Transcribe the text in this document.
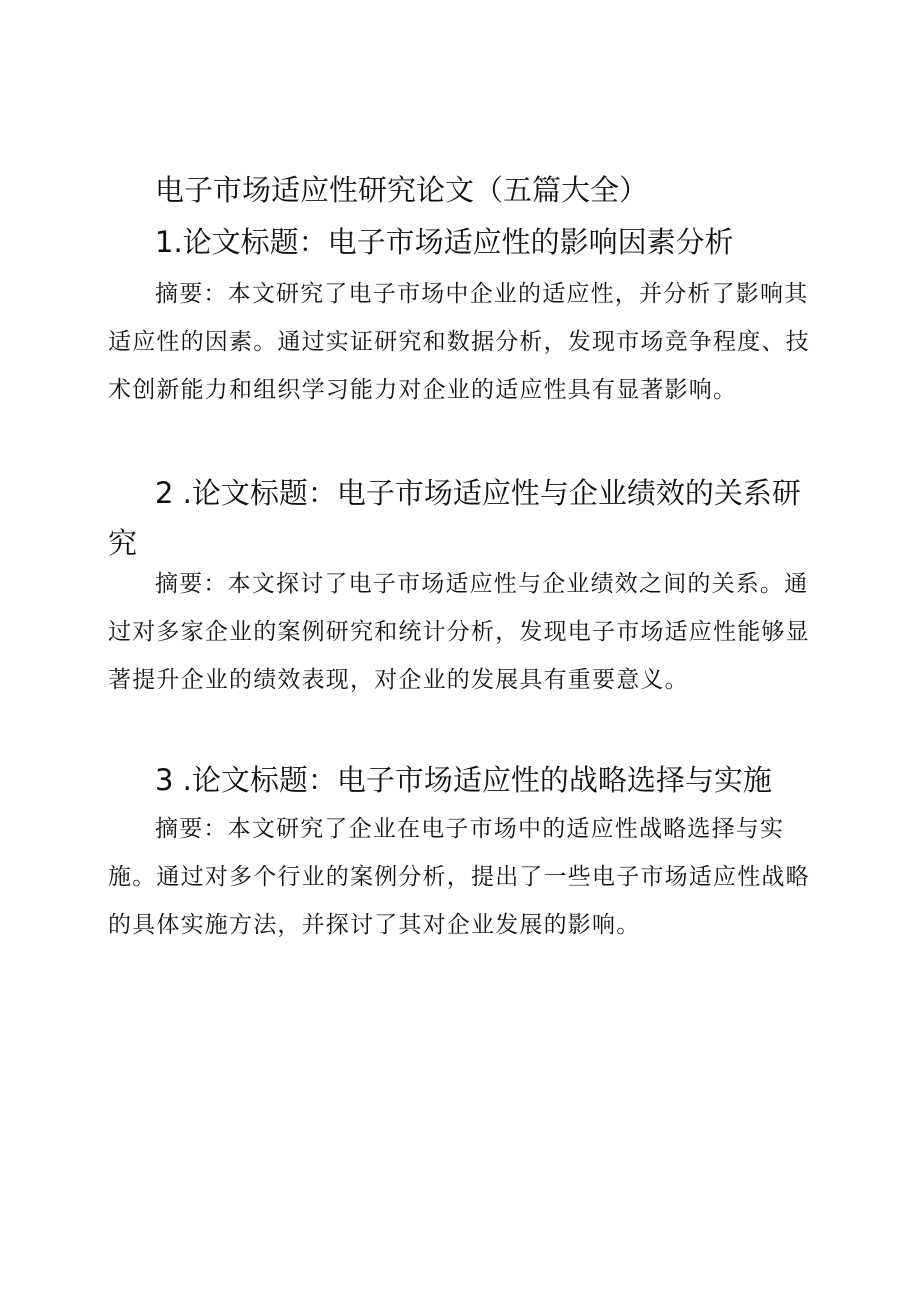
电子市场适应性研究论文（五篇大全）
1.论文标题：电子市场适应性的影响因素分析

摘要：本文研究了电子市场中企业的适应性，并分析了影响其适应性的因素。通过实证研究和数据分析，发现市场竞争程度、技术创新能力和组织学习能力对企业的适应性具有显著影响。

2 .论文标题：电子市场适应性与企业绩效的关系研究

摘要：本文探讨了电子市场适应性与企业绩效之间的关系。通过对多家企业的案例研究和统计分析，发现电子市场适应性能够显著提升企业的绩效表现，对企业的发展具有重要意义。

3 .论文标题：电子市场适应性的战略选择与实施

摘要：本文研究了企业在电子市场中的适应性战略选择与实施。通过对多个行业的案例分析，提出了一些电子市场适应性战略的具体实施方法，并探讨了其对企业发展的影响。
